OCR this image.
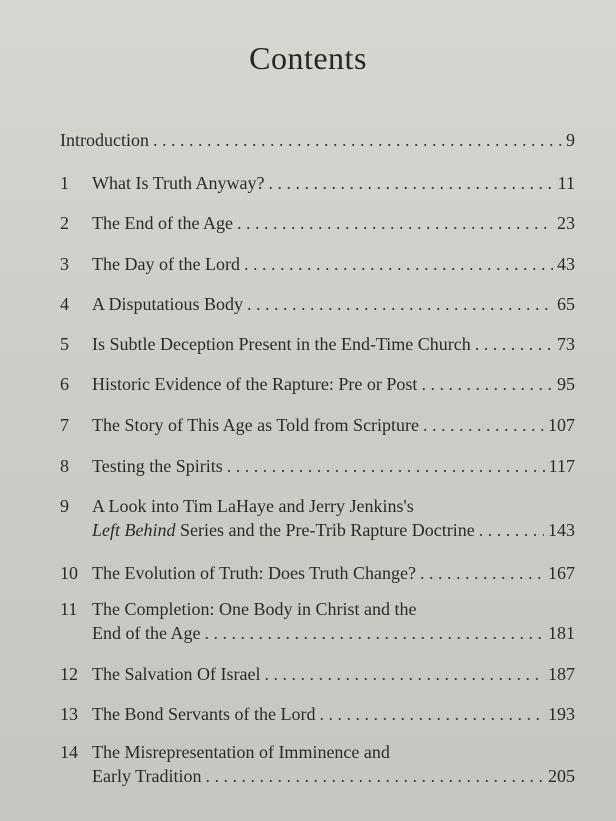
Contents
Introduction . . .	9
1	What Is Truth Anyway? . . .	11
2	The End of the Age . . .	23
3	The Day of the Lord . . .	43
4	A Disputatious Body . . .	65
5	Is Subtle Deception Present in the End-Time Church . . .	73
6	Historic Evidence of the Rapture: Pre or Post . . .	95
7	The Story of This Age as Told from Scripture . . .	107
8	Testing the Spirits . . .	117
9	A Look into Tim LaHaye and Jerry Jenkins's
Left Behind Series and the Pre-Trib Rapture Doctrine . . .	143
10 The Evolution of Truth: Does Truth Change? . . .	167
11 The Completion: One Body in Christ and the
End of the Age . . .	181
12 The Salvation Of Israel . . .	187
13 The Bond Servants of the Lord . . .	193
14 The Misrepresentation of Imminence and
Early Tradition . . .	205
